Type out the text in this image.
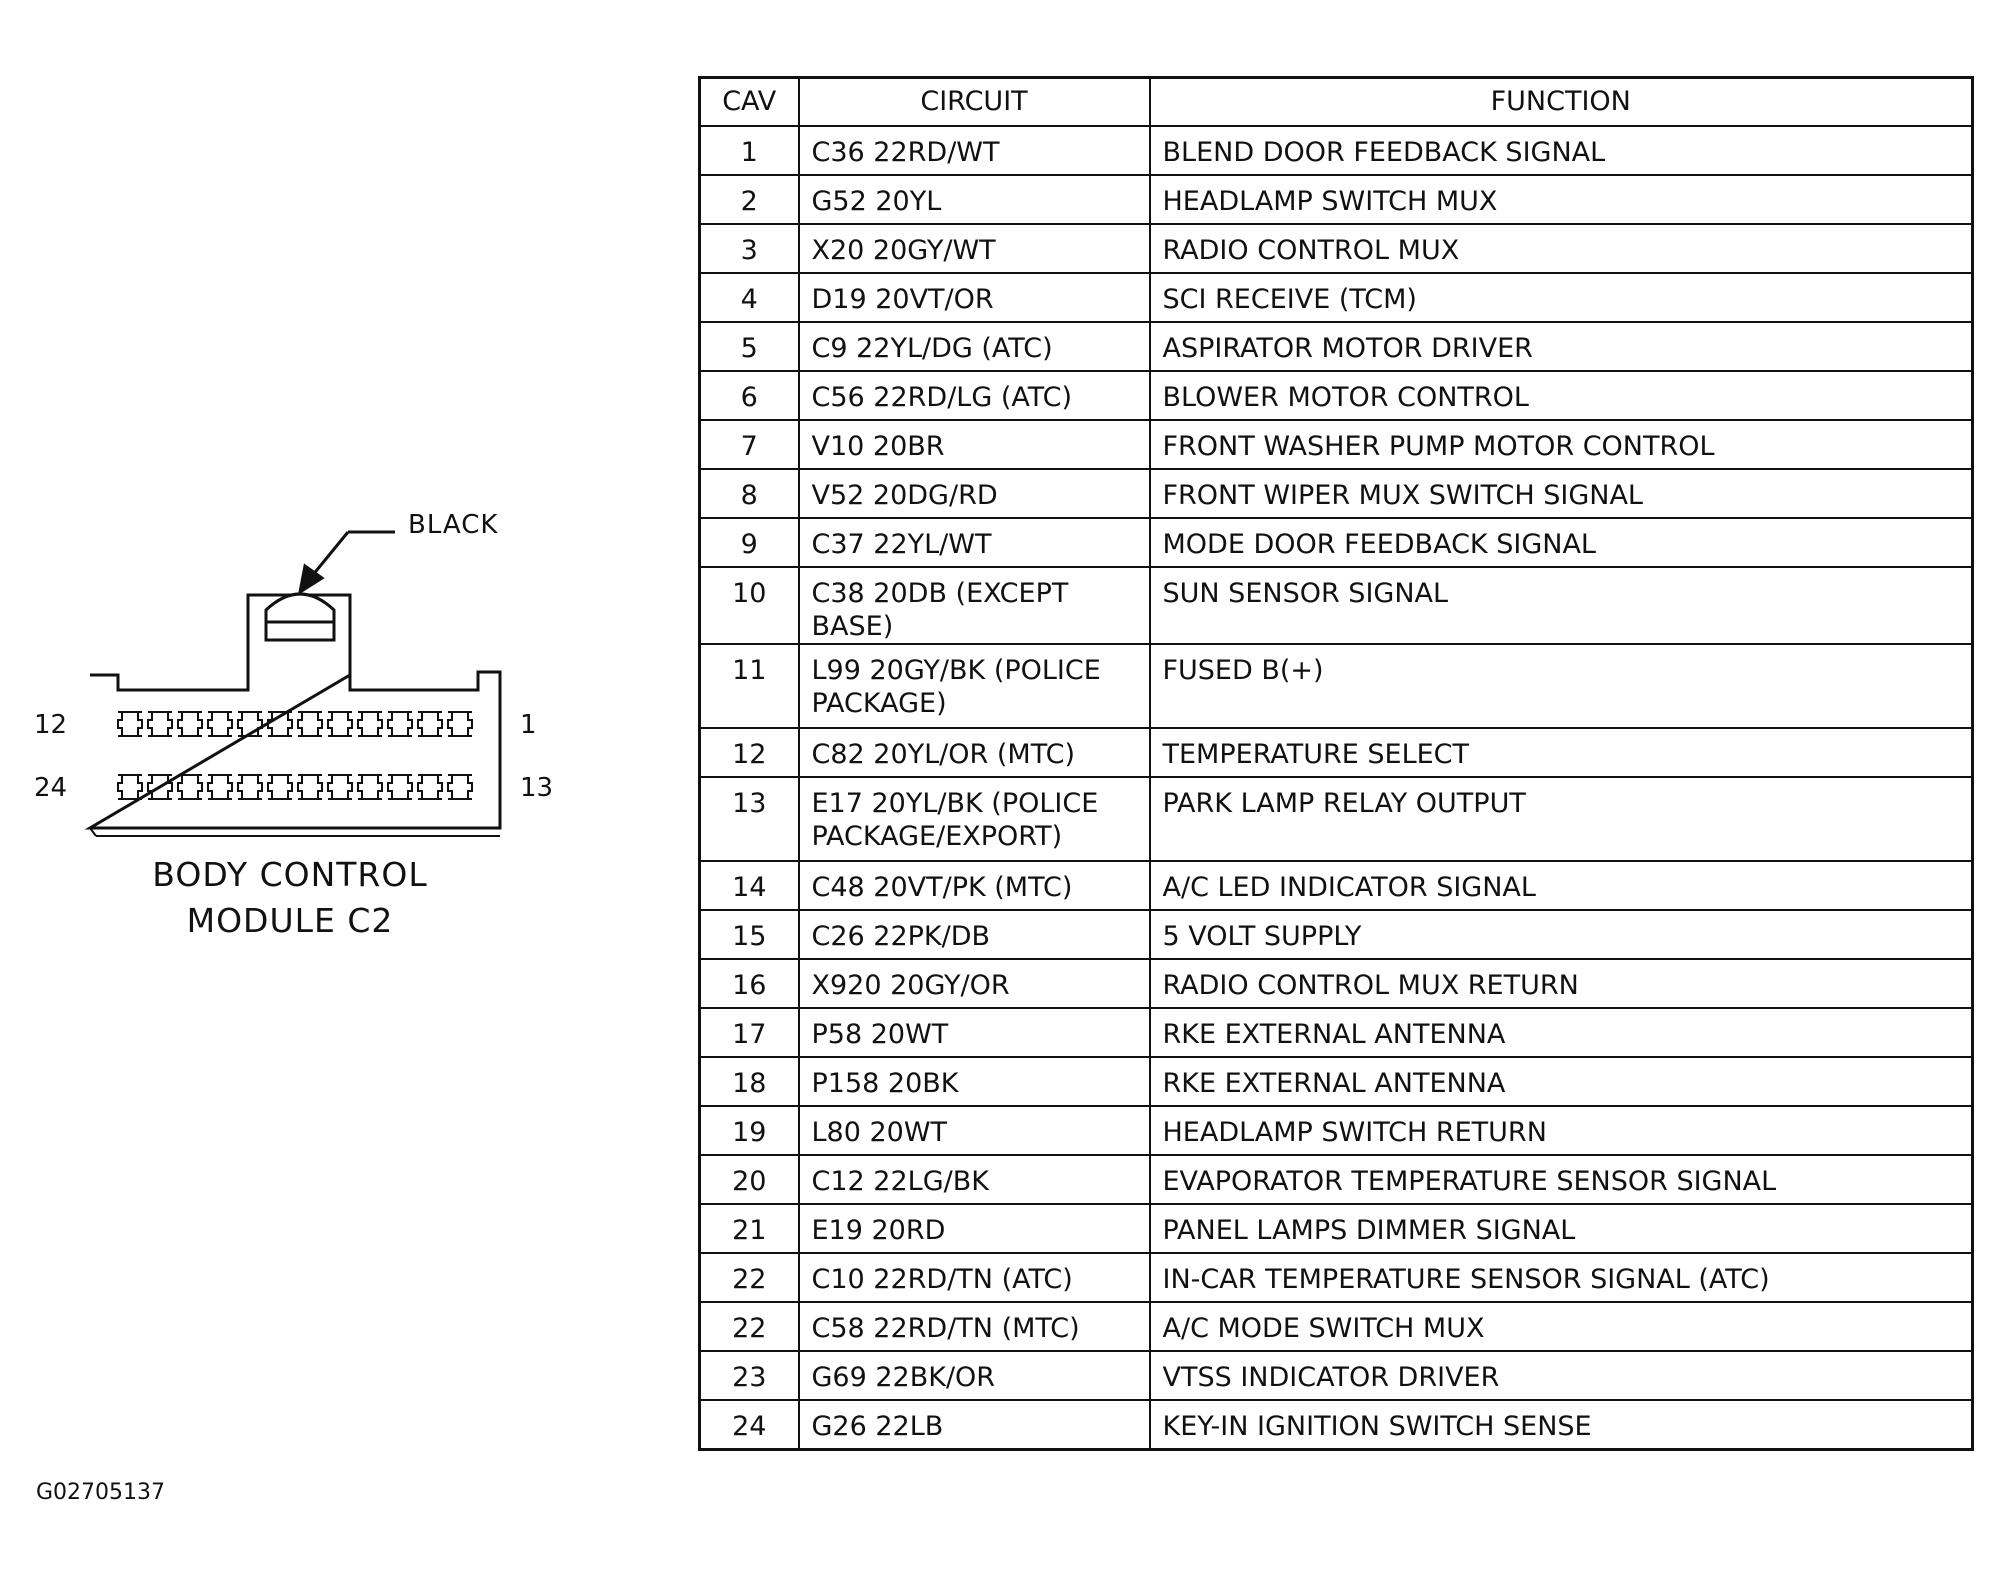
BLACK
12	1
24	13
BODY CONTROL
MODULE C2
G02705137
CAV	CIRCUIT	FUNCTION
1	C36 22RD/WT	BLEND DOOR FEEDBACK SIGNAL
2	G52 20YL	HEADLAMP SWITCH MUX
3	X20 20GY/WT	RADIO CONTROL MUX
4	D19 20VT/OR	SCI RECEIVE (TCM)
5	C9 22YL/DG (ATC)	ASPIRATOR MOTOR DRIVER
6	C56 22RD/LG (ATC)	BLOWER MOTOR CONTROL
7	V10 20BR	FRONT WASHER PUMP MOTOR CONTROL
8	V52 20DG/RD	FRONT WIPER MUX SWITCH SIGNAL
9	C37 22YL/WT	MODE DOOR FEEDBACK SIGNAL
10	C38 20DB (EXCEPT BASE)	SUN SENSOR SIGNAL
11	L99 20GY/BK (POLICE PACKAGE)	FUSED B(+)
12	C82 20YL/OR (MTC)	TEMPERATURE SELECT
13	E17 20YL/BK (POLICE PACKAGE/EXPORT)	PARK LAMP RELAY OUTPUT
14	C48 20VT/PK (MTC)	A/C LED INDICATOR SIGNAL
15	C26 22PK/DB	5 VOLT SUPPLY
16	X920 20GY/OR	RADIO CONTROL MUX RETURN
17	P58 20WT	RKE EXTERNAL ANTENNA
18	P158 20BK	RKE EXTERNAL ANTENNA
19	L80 20WT	HEADLAMP SWITCH RETURN
20	C12 22LG/BK	EVAPORATOR TEMPERATURE SENSOR SIGNAL
21	E19 20RD	PANEL LAMPS DIMMER SIGNAL
22	C10 22RD/TN (ATC)	IN-CAR TEMPERATURE SENSOR SIGNAL (ATC)
22	C58 22RD/TN (MTC)	A/C MODE SWITCH MUX
23	G69 22BK/OR	VTSS INDICATOR DRIVER
24	G26 22LB	KEY-IN IGNITION SWITCH SENSE
